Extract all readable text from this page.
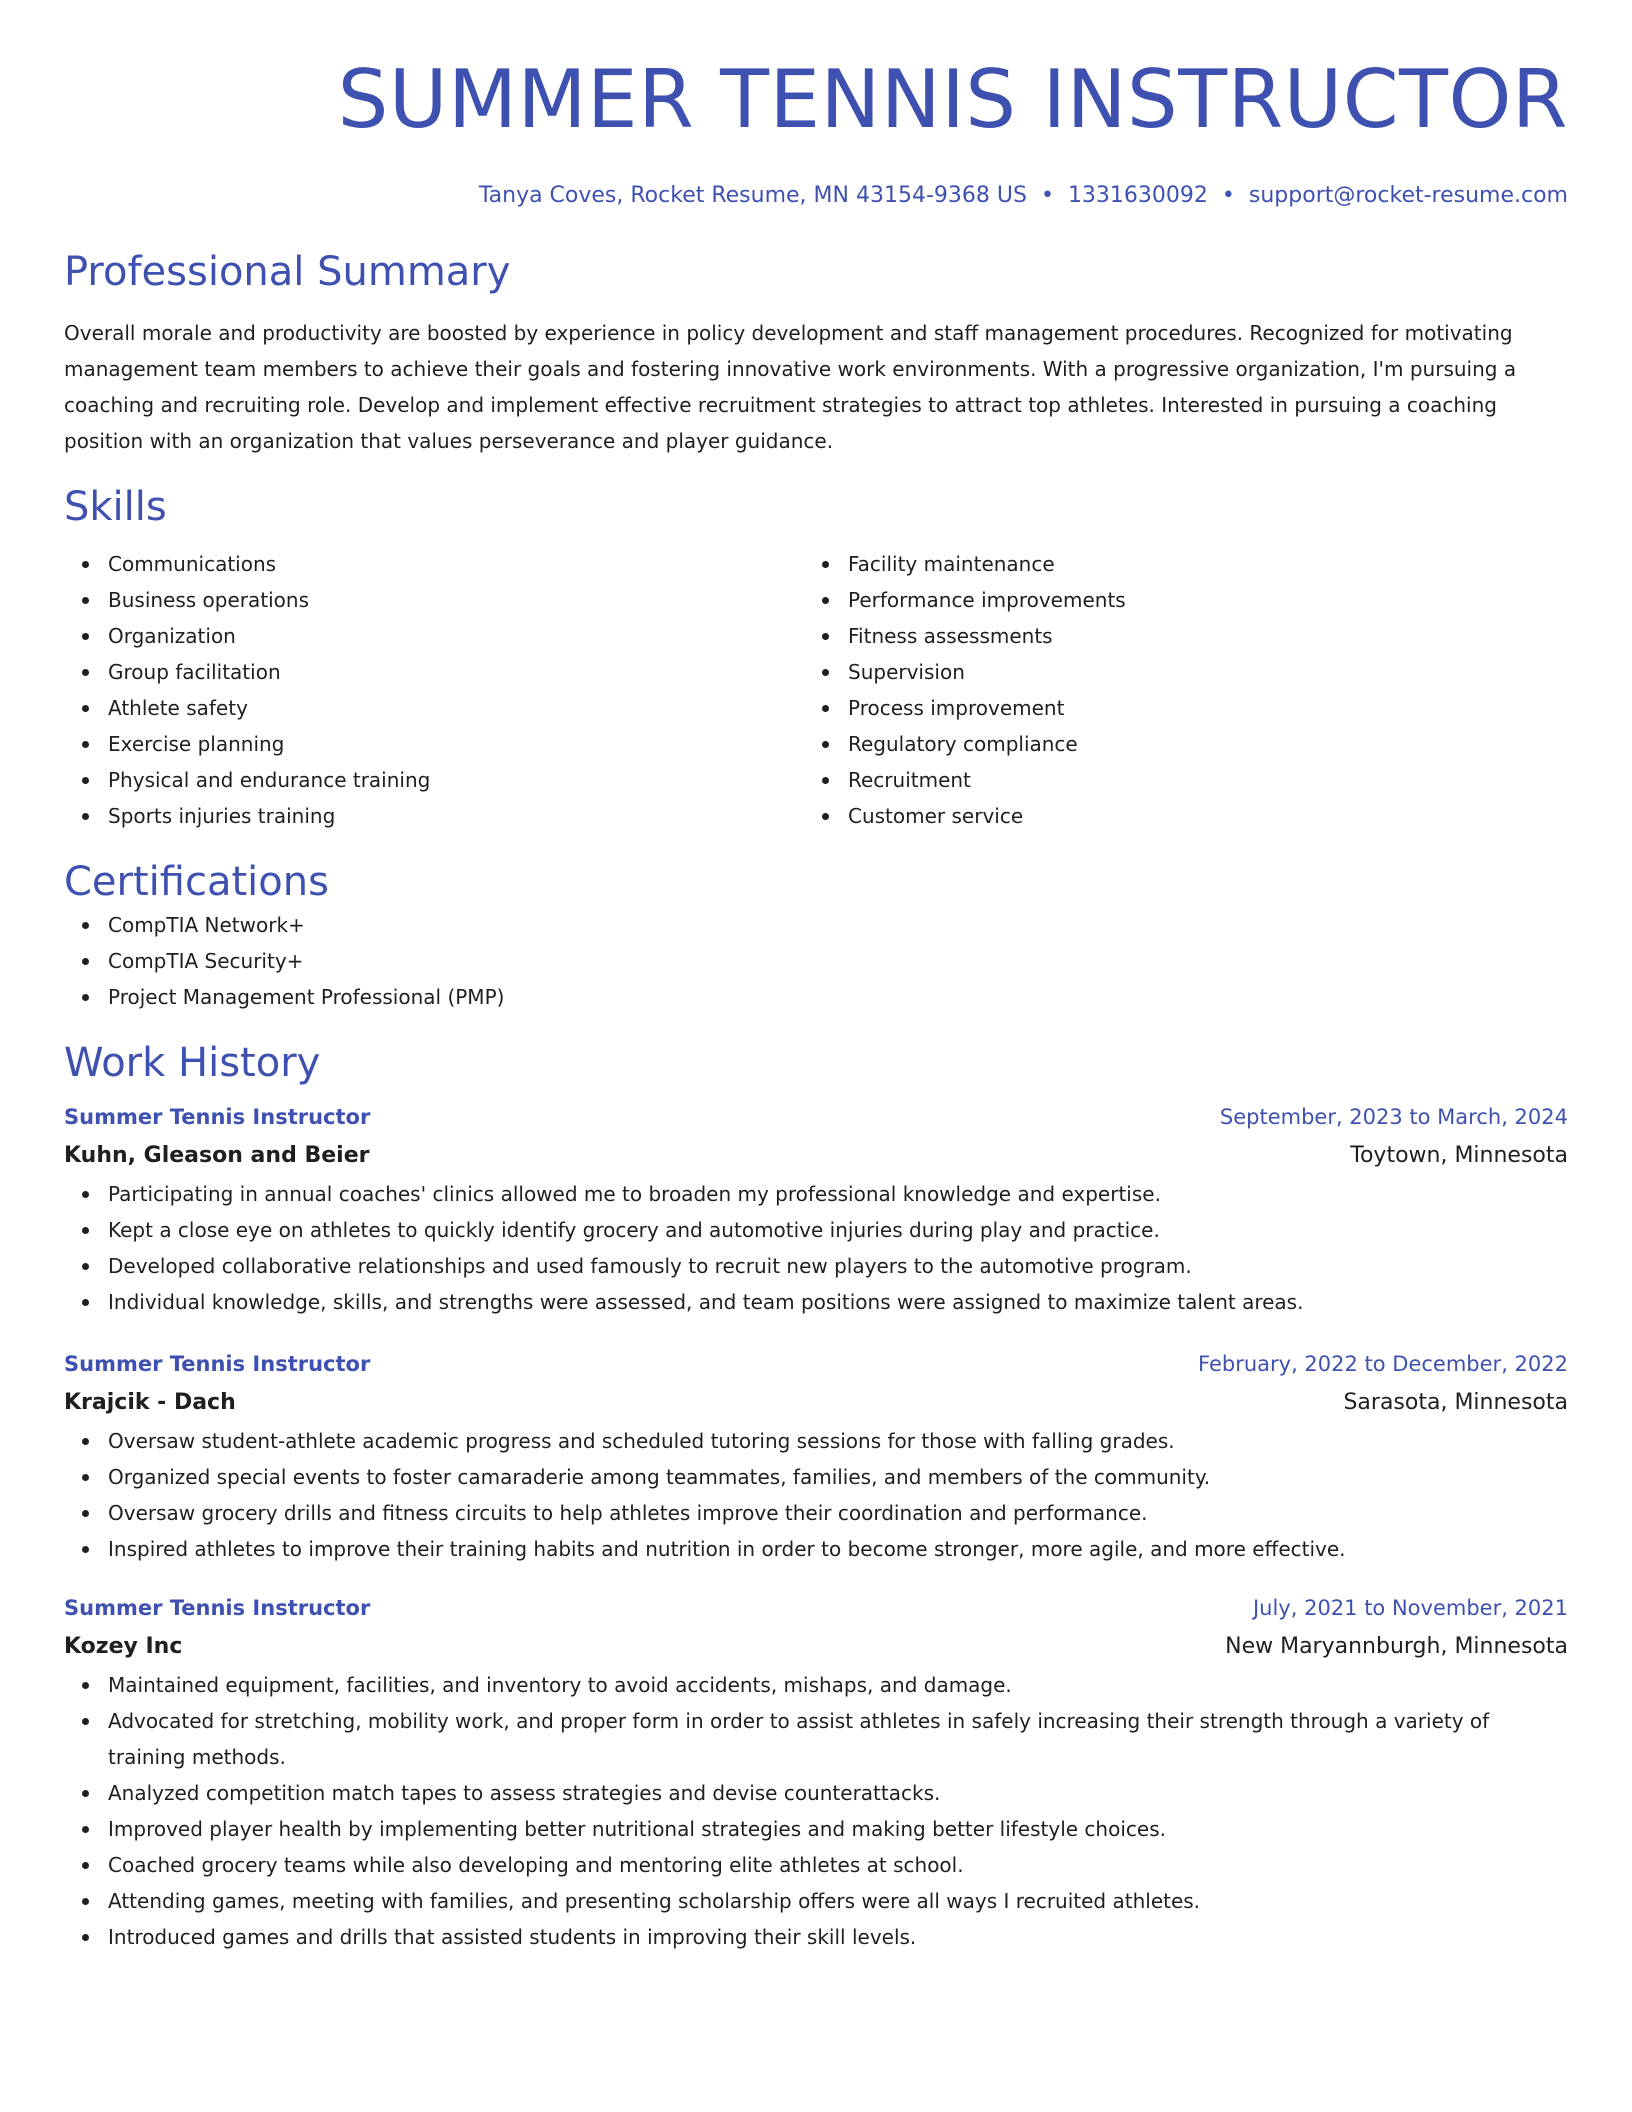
SUMMER TENNIS INSTRUCTOR
Tanya Coves, Rocket Resume, MN 43154-9368 US • 1331630092 • support@rocket-resume.com
Professional Summary

Overall morale and productivity are boosted by experience in policy development and staff management procedures. Recognized for motivating management team members to achieve their goals and fostering innovative work environments. With a progressive organization, I'm pursuing a coaching and recruiting role. Develop and implement effective recruitment strategies to attract top athletes. Interested in pursuing a coaching position with an organization that values perseverance and player guidance.

Skills
Communications
Business operations
Organization
Group facilitation
Athlete safety
Exercise planning
Physical and endurance training
Sports injuries training
Facility maintenance
Performance improvements
Fitness assessments
Supervision
Process improvement
Regulatory compliance
Recruitment
Customer service
Certifications
CompTIA Network+
CompTIA Security+
Project Management Professional (PMP)
Work History
Summer Tennis Instructor	September, 2023 to March, 2024
Kuhn, Gleason and Beier	Toytown, Minnesota
Participating in annual coaches' clinics allowed me to broaden my professional knowledge and expertise.
Kept a close eye on athletes to quickly identify grocery and automotive injuries during play and practice.
Developed collaborative relationships and used famously to recruit new players to the automotive program.
Individual knowledge, skills, and strengths were assessed, and team positions were assigned to maximize talent areas.
Summer Tennis Instructor	February, 2022 to December, 2022
Krajcik - Dach	Sarasota, Minnesota
Oversaw student-athlete academic progress and scheduled tutoring sessions for those with falling grades.
Organized special events to foster camaraderie among teammates, families, and members of the community.
Oversaw grocery drills and fitness circuits to help athletes improve their coordination and performance.
Inspired athletes to improve their training habits and nutrition in order to become stronger, more agile, and more effective.
Summer Tennis Instructor	July, 2021 to November, 2021
Kozey Inc	New Maryannburgh, Minnesota
Maintained equipment, facilities, and inventory to avoid accidents, mishaps, and damage.
Advocated for stretching, mobility work, and proper form in order to assist athletes in safely increasing their strength through a variety of training methods.
Analyzed competition match tapes to assess strategies and devise counterattacks.
Improved player health by implementing better nutritional strategies and making better lifestyle choices.
Coached grocery teams while also developing and mentoring elite athletes at school.
Attending games, meeting with families, and presenting scholarship offers were all ways I recruited athletes.
Introduced games and drills that assisted students in improving their skill levels.
